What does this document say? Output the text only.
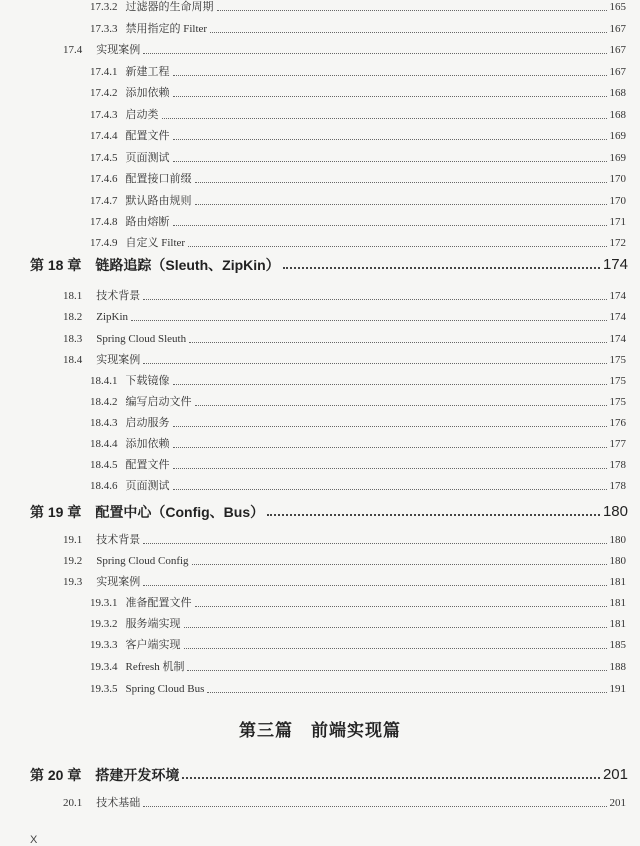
17.3.2 过滤器的生命周期	165
17.3.3 禁用指定的 Filter	167
17.4 实现案例	167
17.4.1 新建工程	167
17.4.2 添加依赖	168
17.4.3 启动类	168
17.4.4 配置文件	169
17.4.5 页面测试	169
17.4.6 配置接口前缀	170
17.4.7 默认路由规则	170
17.4.8 路由熔断	171
17.4.9 自定义 Filter	172
第 18 章 链路追踪（Sleuth、ZipKin）	174
18.1 技术背景	174
18.2 ZipKin	174
18.3 Spring Cloud Sleuth	174
18.4 实现案例	175
18.4.1 下载镜像	175
18.4.2 编写启动文件	175
18.4.3 启动服务	176
18.4.4 添加依赖	177
18.4.5 配置文件	178
18.4.6 页面测试	178
第 19 章 配置中心（Config、Bus）	180
19.1 技术背景	180
19.2 Spring Cloud Config	180
19.3 实现案例	181
19.3.1 准备配置文件	181
19.3.2 服务端实现	181
19.3.3 客户端实现	185
19.3.4 Refresh 机制	188
19.3.5 Spring Cloud Bus	191
第三篇　前端实现篇
第 20 章 搭建开发环境	201
20.1 技术基础	201
X
